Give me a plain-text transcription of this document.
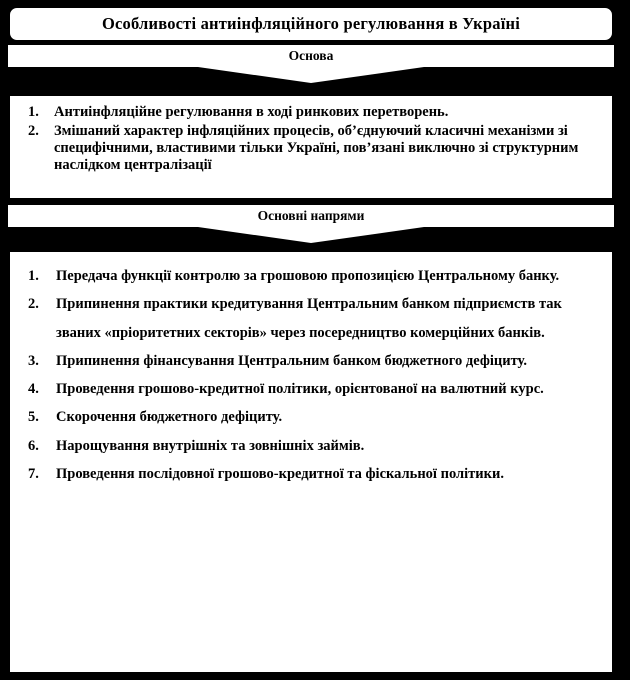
Особливості антиінфляційного регулювання в Україні
Основа
1.	Антиінфляційне регулювання в ході ринкових перетворень.
2.	Змішаний характер інфляційних процесів, об’єднуючий класичні механізми зі специфічними, властивими тільки Україні, пов’язані виключно зі структурним наслідком централізації
Основні напрями
1.	Передача функції контролю за грошовою пропозицією Центральному банку.
2.	Припинення практики кредитування Центральним банком підприємств так званих «пріоритетних секторів» через посередництво комерційних банків.
3.	Припинення фінансування Центральним банком бюджетного дефіциту.
4.	Проведення грошово-кредитної політики, орієнтованої на валютний курс.
5.	Скорочення бюджетного дефіциту.
6.	Нарощування внутрішніх та зовнішніх займів.
7.	Проведення послідовної грошово-кредитної та фіскальної політики.
